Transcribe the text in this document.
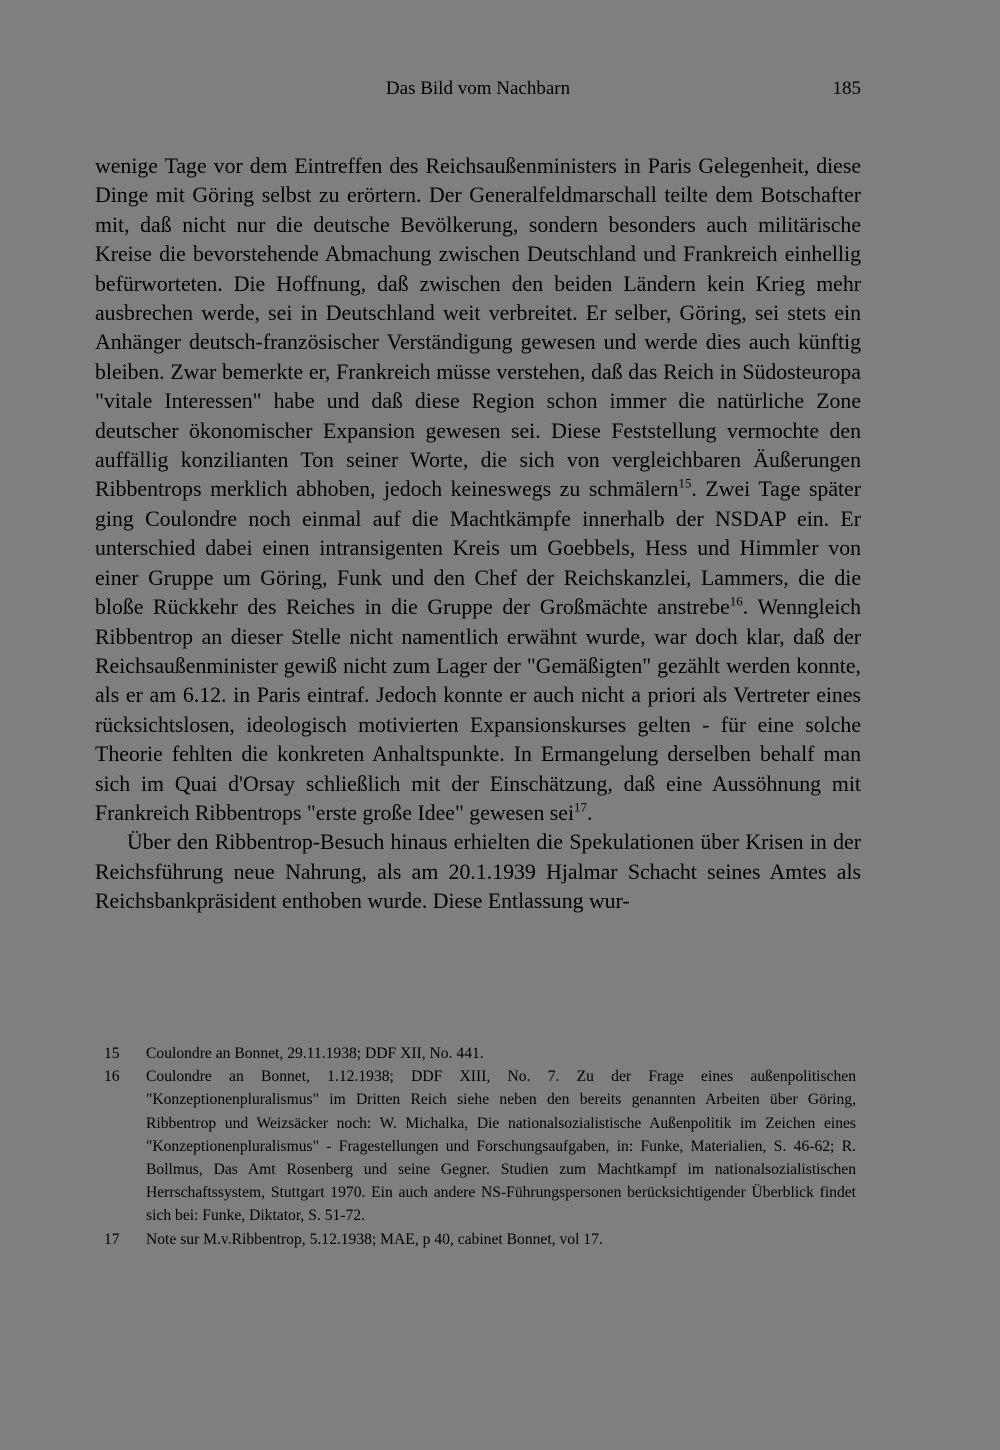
Das Bild vom Nachbarn	185

wenige Tage vor dem Eintreffen des Reichsaußenministers in Paris Gelegenheit, diese Dinge mit Göring selbst zu erörtern. Der Generalfeldmarschall teilte dem Botschafter mit, daß nicht nur die deutsche Bevölkerung, sondern besonders auch militärische Kreise die bevorstehende Abmachung zwischen Deutschland und Frankreich einhellig befürworteten. Die Hoffnung, daß zwischen den beiden Ländern kein Krieg mehr ausbrechen werde, sei in Deutschland weit verbreitet. Er selber, Göring, sei stets ein Anhänger deutsch-französischer Verständigung gewesen und werde dies auch künftig bleiben. Zwar bemerkte er, Frankreich müsse verstehen, daß das Reich in Südosteuropa "vitale Interessen" habe und daß diese Region schon immer die natürliche Zone deutscher ökonomischer Expansion gewesen sei. Diese Feststellung vermochte den auffällig konzilianten Ton seiner Worte, die sich von vergleichbaren Äußerungen Ribbentrops merklich abhoben, jedoch keineswegs zu schmälern$^{15}$. Zwei Tage später ging Coulondre noch einmal auf die Machtkämpfe innerhalb der NSDAP ein. Er unterschied dabei einen intransigenten Kreis um Goebbels, Hess und Himmler von einer Gruppe um Göring, Funk und den Chef der Reichskanzlei, Lammers, die die bloße Rückkehr des Reiches in die Gruppe der Großmächte anstrebe$^{16}$. Wenngleich Ribbentrop an dieser Stelle nicht namentlich erwähnt wurde, war doch klar, daß der Reichsaußenminister gewiß nicht zum Lager der "Gemäßigten" gezählt werden konnte, als er am 6.12. in Paris eintraf. Jedoch konnte er auch nicht a priori als Vertreter eines rücksichtslosen, ideologisch motivierten Expansionskurses gelten - für eine solche Theorie fehlten die konkreten Anhaltspunkte. In Ermangelung derselben behalf man sich im Quai d'Orsay schließlich mit der Einschätzung, daß eine Aussöhnung mit Frankreich Ribbentrops "erste große Idee" gewesen sei$^{17}$.

Über den Ribbentrop-Besuch hinaus erhielten die Spekulationen über Krisen in der Reichsführung neue Nahrung, als am 20.1.1939 Hjalmar Schacht seines Amtes als Reichsbankpräsident enthoben wurde. Diese Entlassung wur-

15 Coulondre an Bonnet, 29.11.1938; DDF XII, No. 441.
16 Coulondre an Bonnet, 1.12.1938; DDF XIII, No. 7. Zu der Frage eines außenpolitischen "Konzeptionenpluralismus" im Dritten Reich siehe neben den bereits genannten Arbeiten über Göring, Ribbentrop und Weizsäcker noch: W. Michalka, Die nationalsozialistische Außenpolitik im Zeichen eines "Konzeptionenpluralismus" - Fragestellungen und Forschungsaufgaben, in: Funke, Materialien, S. 46-62; R. Bollmus, Das Amt Rosenberg und seine Gegner. Studien zum Machtkampf im nationalsozialistischen Herrschaftssystem, Stuttgart 1970. Ein auch andere NS-Führungspersonen berücksichtigender Überblick findet sich bei: Funke, Diktator, S. 51-72.
17 Note sur M.v.Ribbentrop, 5.12.1938; MAE, p 40, cabinet Bonnet, vol 17.
